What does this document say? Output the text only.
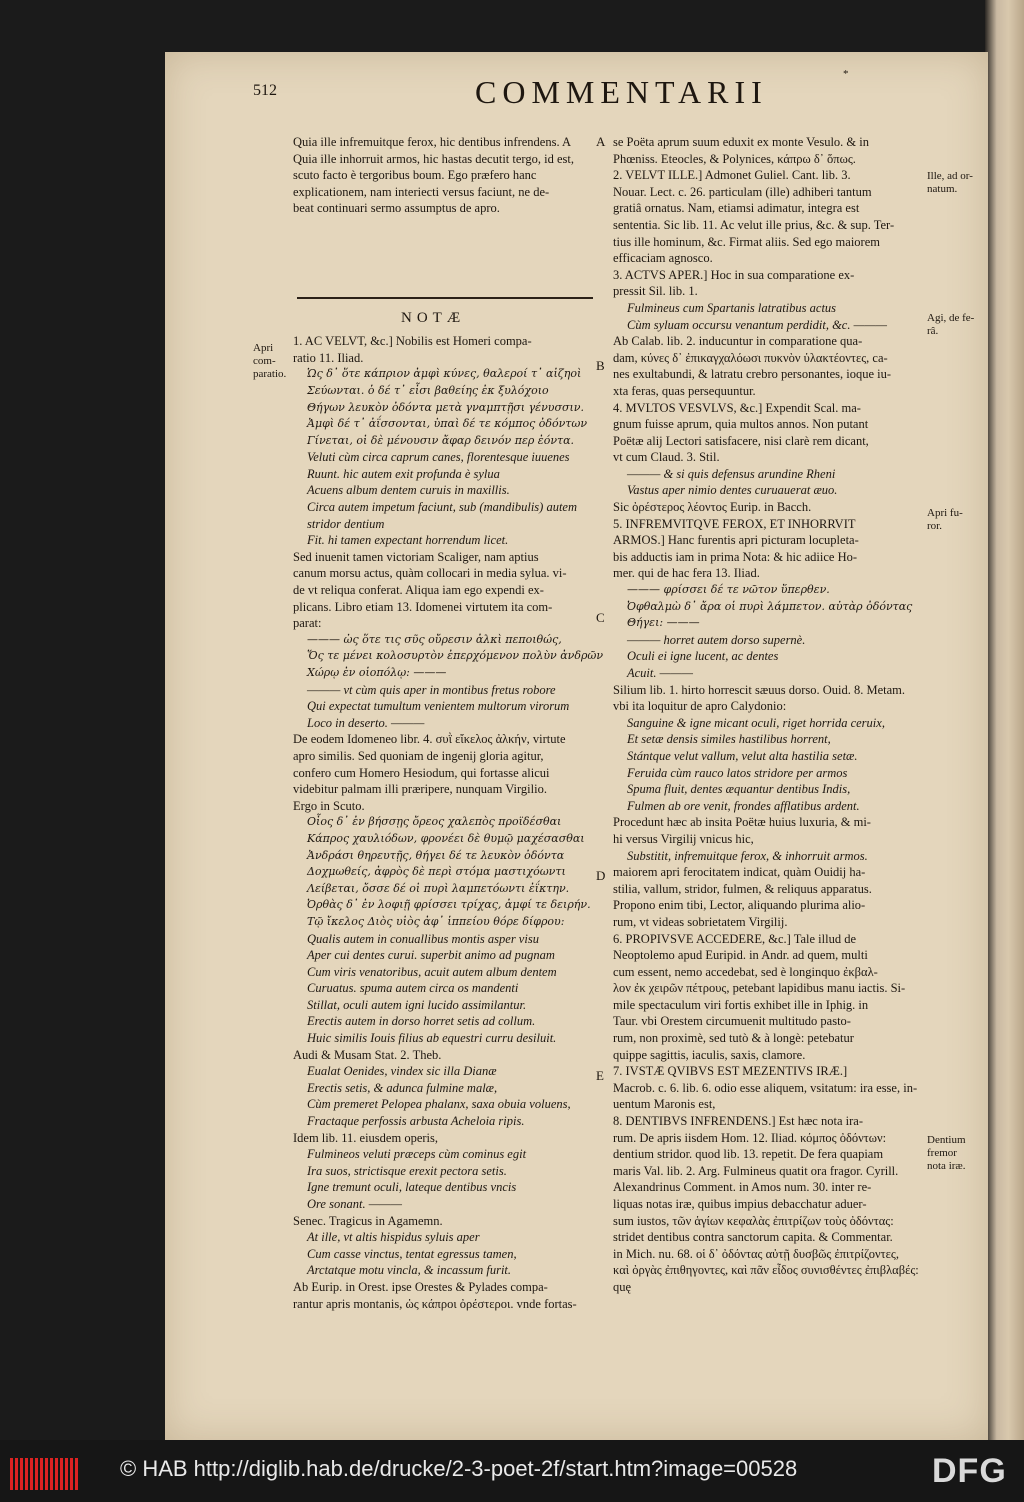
512	COMMENTARII	*

Quia ille infremuitque ferox, hic dentibus infrendens. A

Quia ille inhorruit armos, hic hastas decutit tergo, id est,

scuto facto è tergoribus boum. Ego præfero hanc

explicationem, nam interiecti versus faciunt, ne de-

beat continuari sermo assumptus de apro.

1. AC VELVT, &c.] Nobilis est Homeri compa-

ratio 11. Iliad.

Ὡς δ᾽ ὅτε κάπριον ἀμφὶ κύνες, θαλεροί τ᾽ αἰζηοὶ

Σεύωνται. ὁ δέ τ᾽ εἶσι βαθείης ἐκ ξυλόχοιο

Θήγων λευκὸν ὀδόντα μετὰ γναμπτῇσι γένυσσιν.

Ἀμφὶ δέ τ᾽ ἀΐσσονται, ὑπαὶ δέ τε κόμπος ὀδόντων

Γίνεται, οἱ δὲ μένουσιν ἄφαρ δεινόν περ ἐόντα.

Veluti cùm circa caprum canes, florentesque iuuenes

Ruunt. hic autem exit profunda è sylua

Acuens album dentem curuis in maxillis.

Circa autem impetum faciunt, sub (mandibulis) autem

stridor dentium

Fit. hi tamen expectant horrendum licet.

Sed inuenit tamen victoriam Scaliger, nam aptius

canum morsu actus, quàm collocari in media sylua. vi-

de vt reliqua conferat. Aliqua iam ego expendi ex-

plicans. Libro etiam 13. Idomenei virtutem ita com-

parat:

——— ὡς ὅτε τις σῦς οὔρεσιν ἀλκὶ πεποιθώς,

Ὅς τε μένει κολοσυρτὸν ἐπερχόμενον πολὺν ἀνδρῶν

Χώρῳ ἐν οἰοπόλῳ: ———

——— vt cùm quis aper in montibus fretus robore

Qui expectat tumultum venientem multorum virorum

Loco in deserto. ———

De eodem Idomeneo libr. 4. συῒ εἴκελος ἀλκήν, virtute

apro similis. Sed quoniam de ingenij gloria agitur,

confero cum Homero Hesiodum, qui fortasse alicui

videbitur palmam illi præripere, nunquam Virgilio.

Ergo in Scuto.

Οἷος δ᾽ ἐν βήσσῃς ὄρεος χαλεπὸς προϊδέσθαι

Κάπρος χαυλιόδων, φρονέει δὲ θυμῷ μαχέσασθαι

Ἀνδράσι θηρευτῇς, θήγει δέ τε λευκὸν ὀδόντα

Δοχμωθείς, ἀφρὸς δὲ περὶ στόμα μαστιχόωντι

Λείβεται, ὄσσε δέ οἱ πυρὶ λαμπετόωντι ἐΐκτην.

Ὀρθὰς δ᾽ ἐν λοφιῇ φρίσσει τρίχας, ἀμφί τε δειρήν.

Τῷ ἴκελος Διὸς υἱὸς ἀφ᾽ ἱππείου θόρε δίφρου:

Qualis autem in conuallibus montis asper visu

Aper cui dentes curui. superbit animo ad pugnam

Cum viris venatoribus, acuit autem album dentem

Curuatus. spuma autem circa os mandenti

Stillat, oculi autem igni lucido assimilantur.

Erectis autem in dorso horret setis ad collum.

Huic similis Iouis filius ab equestri curru desiluit.

Audi & Musam Stat. 2. Theb.

Eualat Oenides, vindex sic illa Dianæ

Erectis setis, & adunca fulmine malæ,

Cùm premeret Pelopea phalanx, saxa obuia voluens,

Fractaque perfossis arbusta Acheloia ripis.

Idem lib. 11. eiusdem operis,

Fulmineos veluti præceps cùm cominus egit

Ira suos, strictisque erexit pectora setis.

Igne tremunt oculi, lateque dentibus vncis

Ore sonant. ———

Senec. Tragicus in Agamemn.

At ille, vt altis hispidus syluis aper

Cum casse vinctus, tentat egressus tamen,

Arctatque motu vincla, & incassum furit.

Ab Eurip. in Orest. ipse Orestes & Pylades compa-

rantur apris montanis, ὡς κάπροι ὀρέστεροι. vnde fortas-

NOTÆ

se Poëta aprum suum eduxit ex monte Vesulo. & in

Phœniss. Eteocles, & Polynices, κάπρω δ᾽ ὅπως.

2. VELVT ILLE.] Admonet Guliel. Cant. lib. 3.

Nouar. Lect. c. 26. particulam (ille) adhiberi tantum

gratiâ ornatus. Nam, etiamsi adimatur, integra est

sententia. Sic lib. 11. Ac velut ille prius, &c. & sup. Ter-

tius ille hominum, &c. Firmat aliis. Sed ego maiorem

efficaciam agnosco.

3. ACTVS APER.] Hoc in sua comparatione ex-

pressit Sil. lib. 1.

Fulmineus cum Spartanis latratibus actus

Cùm syluam occursu venantum perdidit, &c. ———

Ab Calab. lib. 2. inducuntur in comparatione qua-

dam, κύνες δ᾽ ἐπικαγχαλόωσι πυκνὸν ὑλακτέοντες, ca-

nes exultabundi, & latratu crebro personantes, ioque iu-

xta feras, quas persequuntur.

4. MVLTOS VESVLVS, &c.] Expendit Scal. ma-

gnum fuisse aprum, quia multos annos. Non putant

Poëtæ alij Lectori satisfacere, nisi clarè rem dicant,

vt cum Claud. 3. Stil.

——— & si quis defensus arundine Rheni

Vastus aper nimio dentes curuauerat æuo.

Sic ὀρέστερος λέοντος Eurip. in Bacch.

5. INFREMVITQVE FEROX, ET INHORRVIT

ARMOS.] Hanc furentis apri picturam locupleta-

bis adductis iam in prima Nota: & hic adiice Ho-

mer. qui de hac fera 13. Iliad.

——— φρίσσει δέ τε νῶτον ὕπερθεν.

Ὀφθαλμὼ δ᾽ ἄρα οἱ πυρὶ λάμπετον. αὐτὰρ ὀδόντας

Θήγει: ———

——— horret autem dorso supernè.

Oculi ei igne lucent, ac dentes

Acuit. ———

Silium lib. 1. hirto horrescit sæuus dorso. Ouid. 8. Metam.

vbi ita loquitur de apro Calydonio:

Sanguine & igne micant oculi, riget horrida ceruix,

Et setæ densis similes hastilibus horrent,

Stántque velut vallum, velut alta hastilia setæ.

Feruida cùm rauco latos stridore per armos

Spuma fluit, dentes æquantur dentibus Indis,

Fulmen ab ore venit, frondes afflatibus ardent.

Procedunt hæc ab insita Poëtæ huius luxuria, & mi-

hi versus Virgilij vnicus hic,

Substitit, infremuitque ferox, & inhorruit armos.

maiorem apri ferocitatem indicat, quàm Ouidij ha-

stilia, vallum, stridor, fulmen, & reliquus apparatus.

Propono enim tibi, Lector, aliquando plurima alio-

rum, vt videas sobrietatem Virgilij.

6. PROPIVSVE ACCEDERE, &c.] Tale illud de

Neoptolemo apud Euripid. in Andr. ad quem, multi

cum essent, nemo accedebat, sed è longinquo ἐκβαλ-

λον ἐκ χειρῶν πέτρους, petebant lapidibus manu iactis. Si-

mile spectaculum viri fortis exhibet ille in Iphig. in

Taur. vbi Orestem circumuenit multitudo pasto-

rum, non proximè, sed tutò & à longè: petebatur

quippe sagittis, iaculis, saxis, clamore.

7. IVSTÆ QVIBVS EST MEZENTIVS IRÆ.]

Macrob. c. 6. lib. 6. odio esse aliquem, vsitatum: ira esse, in-

uentum Maronis est,

8. DENTIBVS INFRENDENS.] Est hæc nota ira-

rum. De apris iisdem Hom. 12. Iliad. κόμπος ὀδόντων:

dentium stridor. quod lib. 13. repetit. De fera quapiam

maris Val. lib. 2. Arg. Fulmineus quatit ora fragor. Cyrill.

Alexandrinus Comment. in Amos num. 30. inter re-

liquas notas iræ, quibus impius debacchatur aduer-

sum iustos, τῶν ἁγίων κεφαλὰς ἐπιτρίζων τοὺς ὀδόντας:

stridet dentibus contra sanctorum capita. & Commentar.

in Mich. nu. 68. οἱ δ᾽ ὀδόντας αὐτῇ δυσβῶς ἐπιτρίζοντες,

καὶ ὀργὰς ἐπιθηγοντες, καὶ πᾶν εἶδος συνισθέντες ἐπιβλαβές:

quę

Apri com-
paratio.
Ille, ad or-
natum.
Agi, de fe-
râ.
Apri fu-
ror.
Dentium
fremor
nota iræ.
A
B
C
D
E
© HAB http://diglib.hab.de/drucke/2-3-poet-2f/start.htm?image=00528	DFG
